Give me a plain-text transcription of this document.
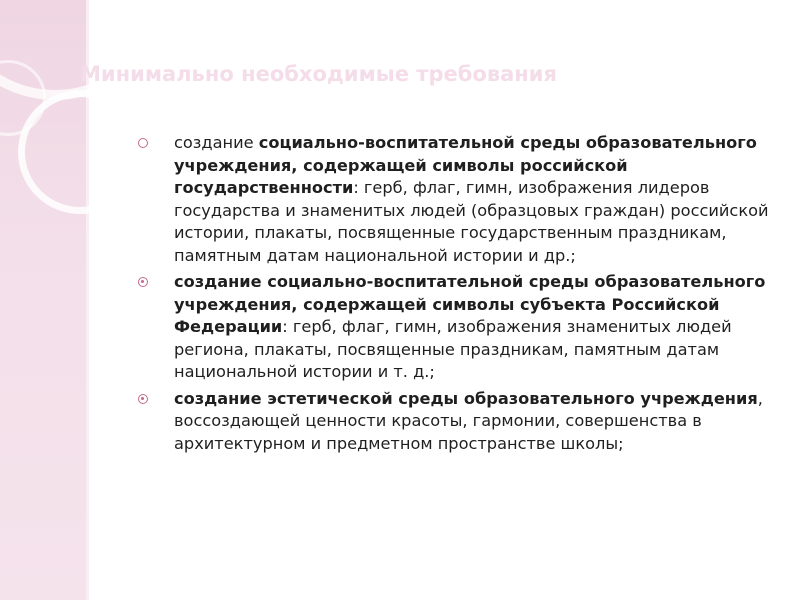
Минимально необходимые требования
создание социально-воспитательной среды образовательного учреждения, содержащей символы российской государственности: герб, флаг, гимн, изображения лидеров государства и знаменитых людей (образцовых граждан) российской истории, плакаты, посвященные государственным праздникам, памятным датам национальной истории и др.;
создание социально-воспитательной среды образовательного учреждения, содержащей символы субъекта Российской Федерации: герб, флаг, гимн, изображения знаменитых людей региона, плакаты, посвященные праздникам, памятным датам национальной истории и т. д.;
создание эстетической среды образовательного учреждения, воссоздающей ценности красоты, гармонии, совершенства в архитектурном и предметном пространстве школы;
